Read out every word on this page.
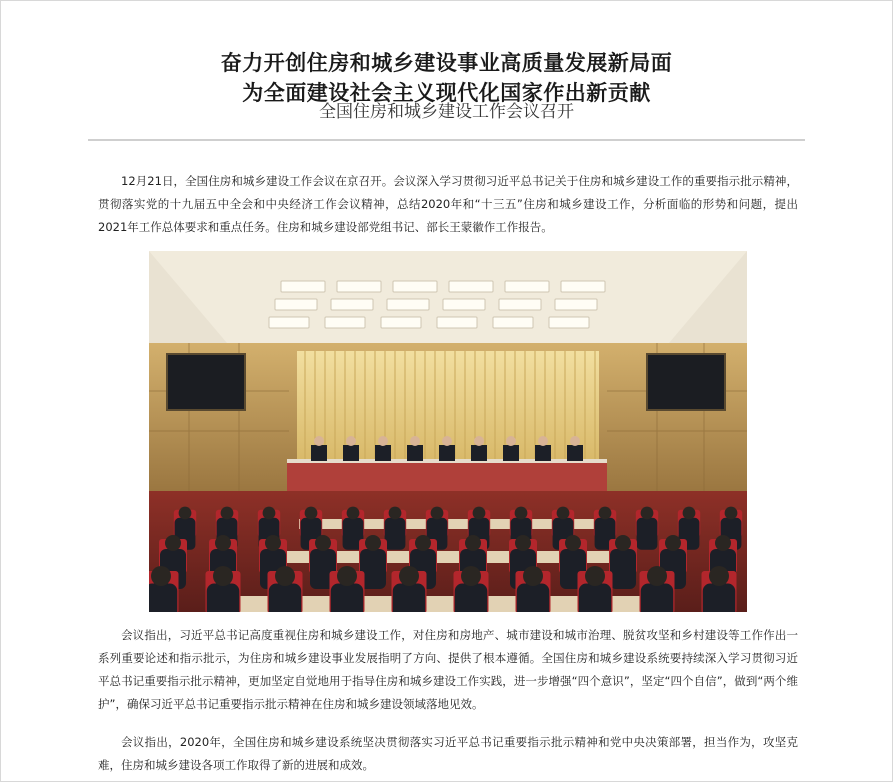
奋力开创住房和城乡建设事业高质量发展新局面
为全面建设社会主义现代化国家作出新贡献
全国住房和城乡建设工作会议召开

12月21日，全国住房和城乡建设工作会议在京召开。会议深入学习贯彻习近平总书记关于住房和城乡建设工作的重要指示批示精神，贯彻落实党的十九届五中全会和中央经济工作会议精神，总结2020年和“十三五”住房和城乡建设工作，分析面临的形势和问题，提出2021年工作总体要求和重点任务。住房和城乡建设部党组书记、部长王蒙徽作工作报告。

会议指出，习近平总书记高度重视住房和城乡建设工作，对住房和房地产、城市建设和城市治理、脱贫攻坚和乡村建设等工作作出一系列重要论述和指示批示，为住房和城乡建设事业发展指明了方向、提供了根本遵循。全国住房和城乡建设系统要持续深入学习贯彻习近平总书记重要指示批示精神，更加坚定自觉地用于指导住房和城乡建设工作实践，进一步增强“四个意识”，坚定“四个自信”，做到“两个维护”，确保习近平总书记重要指示批示精神在住房和城乡建设领域落地见效。

会议指出，2020年，全国住房和城乡建设系统坚决贯彻落实习近平总书记重要指示批示精神和党中央决策部署，担当作为，攻坚克难，住房和城乡建设各项工作取得了新的进展和成效。
